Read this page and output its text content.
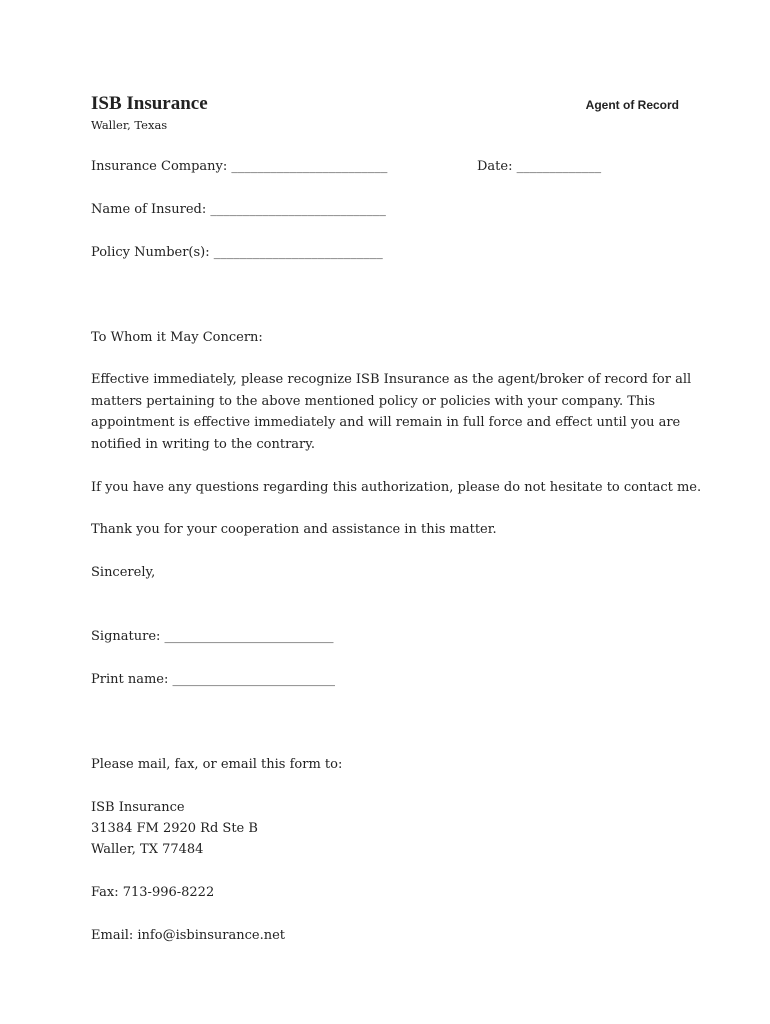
ISB Insurance
Waller, Texas
Agent of Record
Insurance Company: ________________________	Date: _____________
Name of Insured: ___________________________
Policy Number(s): __________________________
To Whom it May Concern:
Effective immediately, please recognize ISB Insurance as the agent/broker of record for all
matters pertaining to the above mentioned policy or policies with your company. This
appointment is effective immediately and will remain in full force and effect until you are
notified in writing to the contrary.
If you have any questions regarding this authorization, please do not hesitate to contact me.
Thank you for your cooperation and assistance in this matter.
Sincerely,
Signature: __________________________
Print name: _________________________
Please mail, fax, or email this form to:
ISB Insurance
31384 FM 2920 Rd Ste B
Waller, TX 77484
Fax: 713-996-8222
Email: info@isbinsurance.net
